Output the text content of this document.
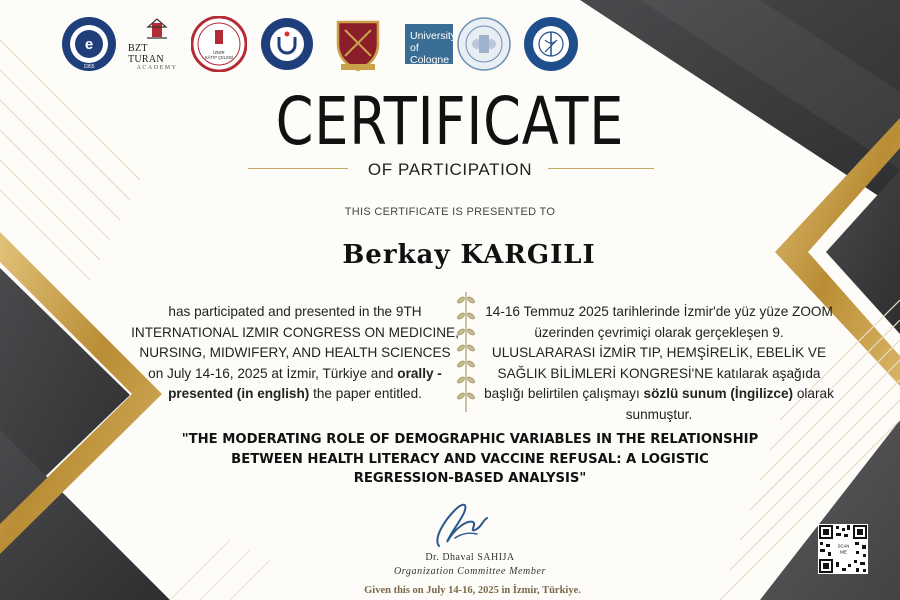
e
1955
BZT TURAN
ACADEMY
İZMİR
KÂTİP ÇELEBİ
University
of Cologne
CERTIFICATE
OF PARTICIPATION
THIS CERTIFICATE IS PRESENTED TO
Berkay KARGILI
has participated and presented in the 9TH INTERNATIONAL IZMIR CONGRESS ON MEDICINE, NURSING, MIDWIFERY, AND HEALTH SCIENCES on July 14-16, 2025 at İzmir, Türkiye and orally - presented (in english) the paper entitled.
14-16 Temmuz 2025 tarihlerinde İzmir'de yüz yüze ZOOM üzerinden çevrimiçi olarak gerçekleşen 9. ULUSLARARASI İZMİR TIP, HEMŞİRELİK, EBELİK VE SAĞLIK BİLİMLERİ KONGRESİ'NE katılarak aşağıda başlığı belirtilen çalışmayı sözlü sunum (İngilizce) olarak sunmuştur.
"THE MODERATING ROLE OF DEMOGRAPHIC VARIABLES IN THE RELATIONSHIP BETWEEN HEALTH LITERACY AND VACCINE REFUSAL: A LOGISTIC REGRESSION-BASED ANALYSIS"
Dr. Dhaval SAHIJA
Organization Committee Member
Given this on July 14-16, 2025 in İzmir, Türkiye.
SCAN
ME
